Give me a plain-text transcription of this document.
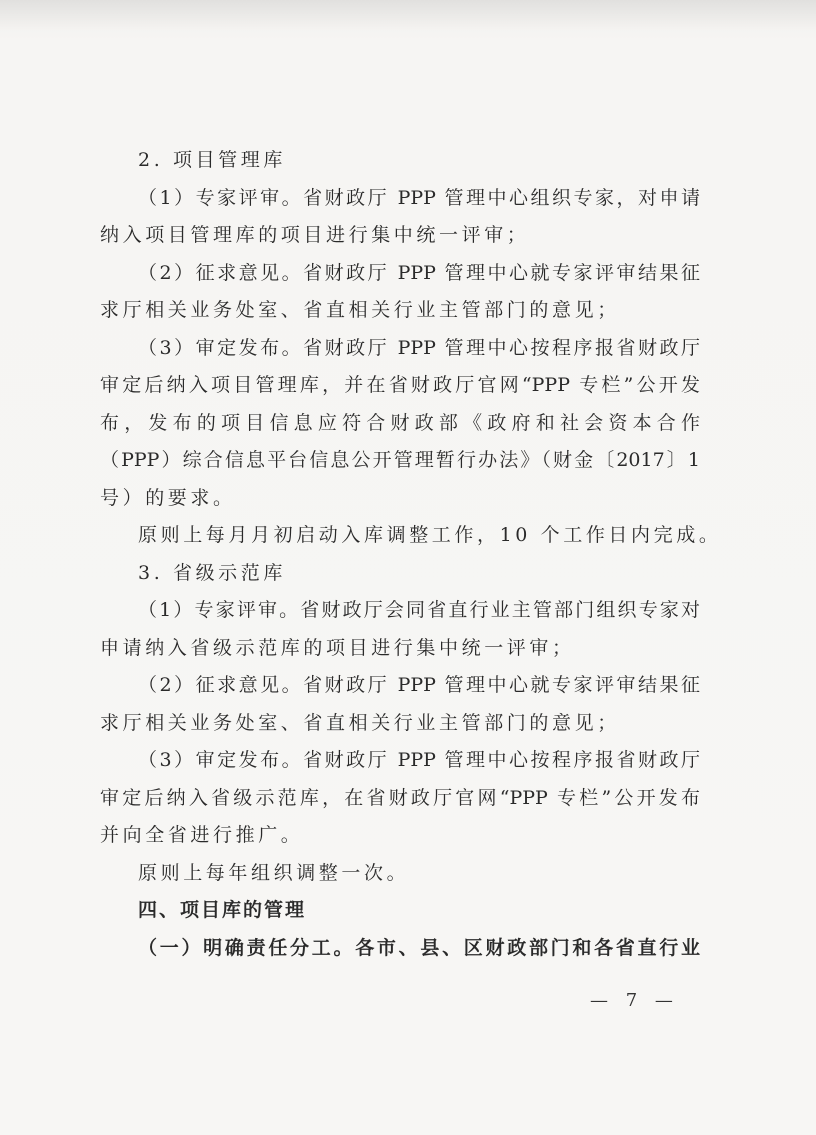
2. 项目管理库
（1）专家评审。省财政厅 PPP 管理中心组织专家，对申请
纳入项目管理库的项目进行集中统一评审；
（2）征求意见。省财政厅 PPP 管理中心就专家评审结果征
求厅相关业务处室、省直相关行业主管部门的意见；
（3）审定发布。省财政厅 PPP 管理中心按程序报省财政厅
审定后纳入项目管理库，并在省财政厅官网“PPP 专栏”公开发
布，发布的项目信息应符合财政部《政府和社会资本合作
（PPP）综合信息平台信息公开管理暂行办法》（财金〔2017〕1
号）的要求。
原则上每月月初启动入库调整工作，10 个工作日内完成。
3. 省级示范库
（1）专家评审。省财政厅会同省直行业主管部门组织专家对
申请纳入省级示范库的项目进行集中统一评审；
（2）征求意见。省财政厅 PPP 管理中心就专家评审结果征
求厅相关业务处室、省直相关行业主管部门的意见；
（3）审定发布。省财政厅 PPP 管理中心按程序报省财政厅
审定后纳入省级示范库，在省财政厅官网“PPP 专栏”公开发布
并向全省进行推广。
原则上每年组织调整一次。
四、项目库的管理
（一）明确责任分工。各市、县、区财政部门和各省直行业
— 7 —
